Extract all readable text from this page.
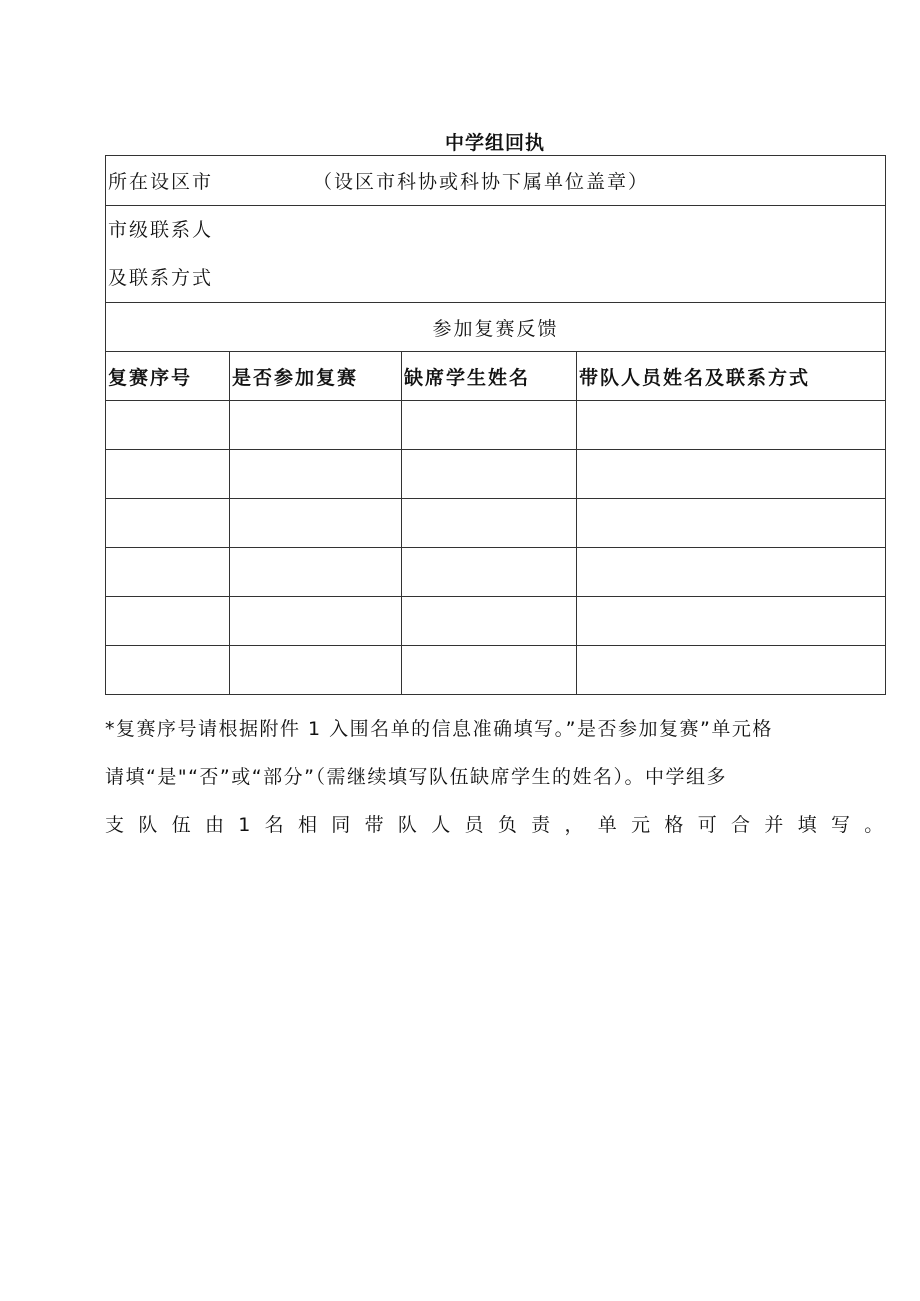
中学组回执
所在设区市 （设区市科协或科协下属单位盖章）			

市级联系人
及联系方式			

参加复赛反馈			
复赛序号	是否参加复赛	缺席学生姓名	带队人员姓名及联系方式

*复赛序号请根据附件 1 入围名单的信息准确填写。”是否参加复赛”单元格

请填“是"“否”或“部分”（需继续填写队伍缺席学生的姓名）。中学组多

支 队 伍 由 1 名 相 同 带 队 人 员 负 责 ， 单 元 格 可 合 并 填 写 。
